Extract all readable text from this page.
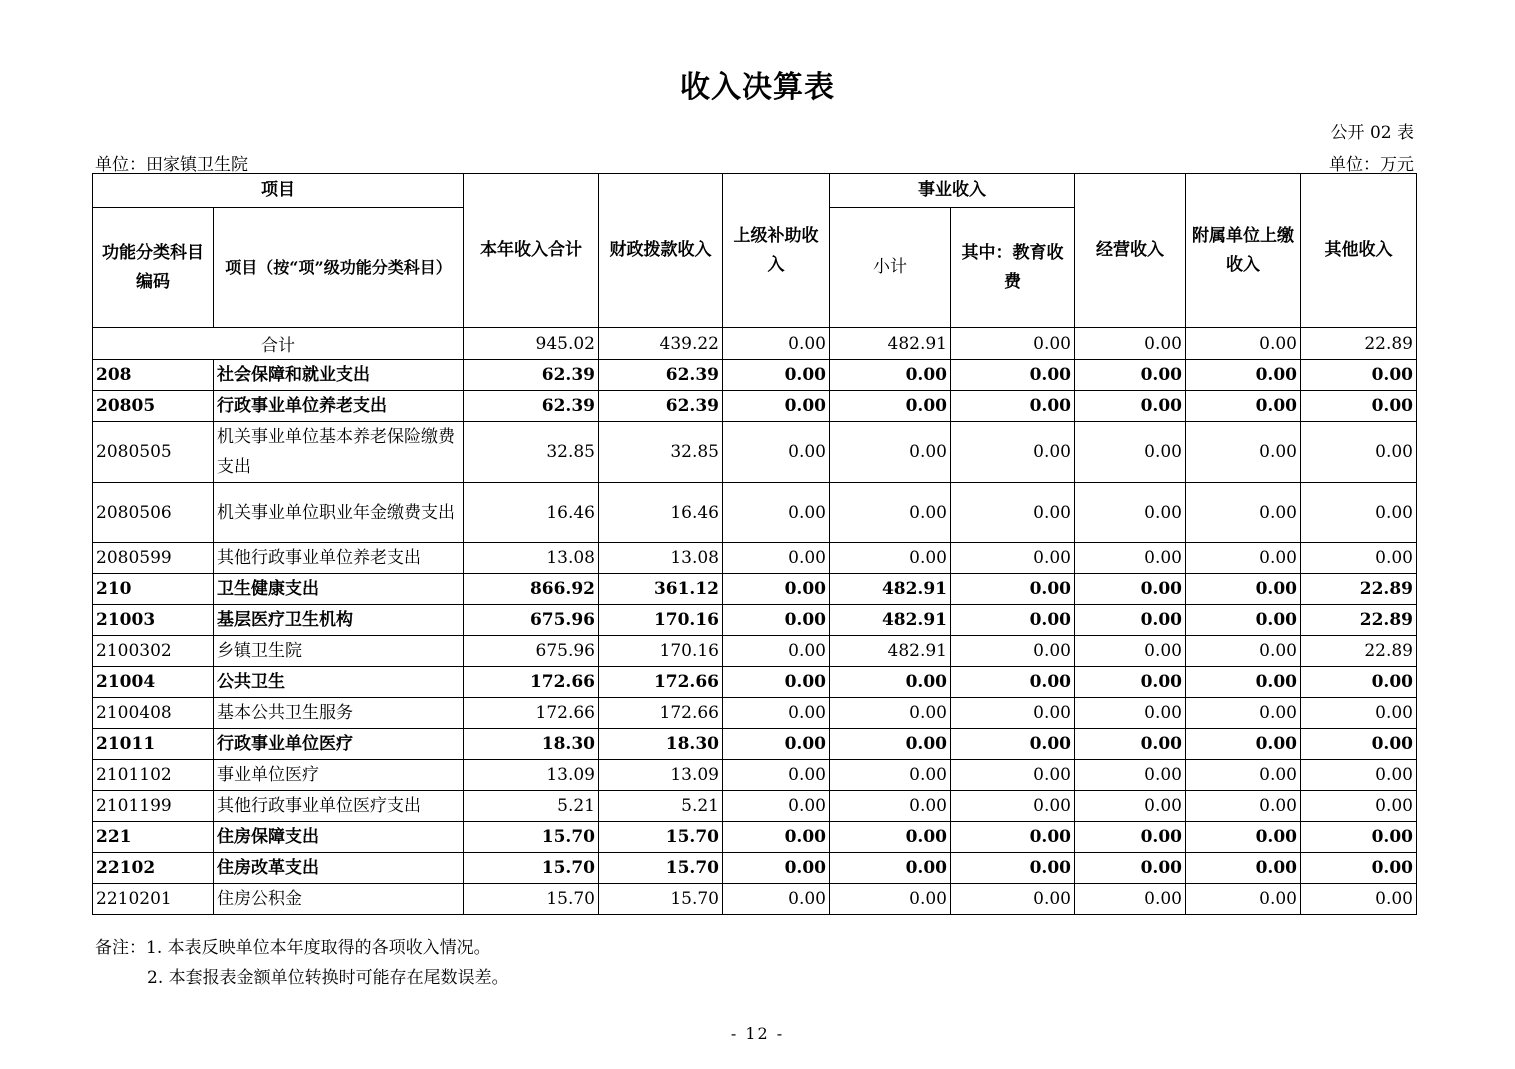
收入决算表
公开 02 表
单位：田家镇卫生院	单位：万元
项目		本年收入合计	财政拨款收入	上级补助收入	事业收入		经营收入	附属单位上缴收入	其他收入
功能分类科目编码	项目（按“项”级功能分类科目）				小计	其中：教育收费			
合计		945.02	439.22	0.00	482.91	0.00	0.00	0.00	22.89
208	社会保障和就业支出	62.39	62.39	0.00	0.00	0.00	0.00	0.00	0.00
20805	行政事业单位养老支出	62.39	62.39	0.00	0.00	0.00	0.00	0.00	0.00
2080505	机关事业单位基本养老保险缴费支出	32.85	32.85	0.00	0.00	0.00	0.00	0.00	0.00
2080506	机关事业单位职业年金缴费支出	16.46	16.46	0.00	0.00	0.00	0.00	0.00	0.00
2080599	其他行政事业单位养老支出	13.08	13.08	0.00	0.00	0.00	0.00	0.00	0.00
210	卫生健康支出	866.92	361.12	0.00	482.91	0.00	0.00	0.00	22.89
21003	基层医疗卫生机构	675.96	170.16	0.00	482.91	0.00	0.00	0.00	22.89
2100302	乡镇卫生院	675.96	170.16	0.00	482.91	0.00	0.00	0.00	22.89
21004	公共卫生	172.66	172.66	0.00	0.00	0.00	0.00	0.00	0.00
2100408	基本公共卫生服务	172.66	172.66	0.00	0.00	0.00	0.00	0.00	0.00
21011	行政事业单位医疗	18.30	18.30	0.00	0.00	0.00	0.00	0.00	0.00
2101102	事业单位医疗	13.09	13.09	0.00	0.00	0.00	0.00	0.00	0.00
2101199	其他行政事业单位医疗支出	5.21	5.21	0.00	0.00	0.00	0.00	0.00	0.00
221	住房保障支出	15.70	15.70	0.00	0.00	0.00	0.00	0.00	0.00
22102	住房改革支出	15.70	15.70	0.00	0.00	0.00	0.00	0.00	0.00
2210201	住房公积金	15.70	15.70	0.00	0.00	0.00	0.00	0.00	0.00
备注：1. 本表反映单位本年度取得的各项收入情况。
2. 本套报表金额单位转换时可能存在尾数误差。
- 12 -
